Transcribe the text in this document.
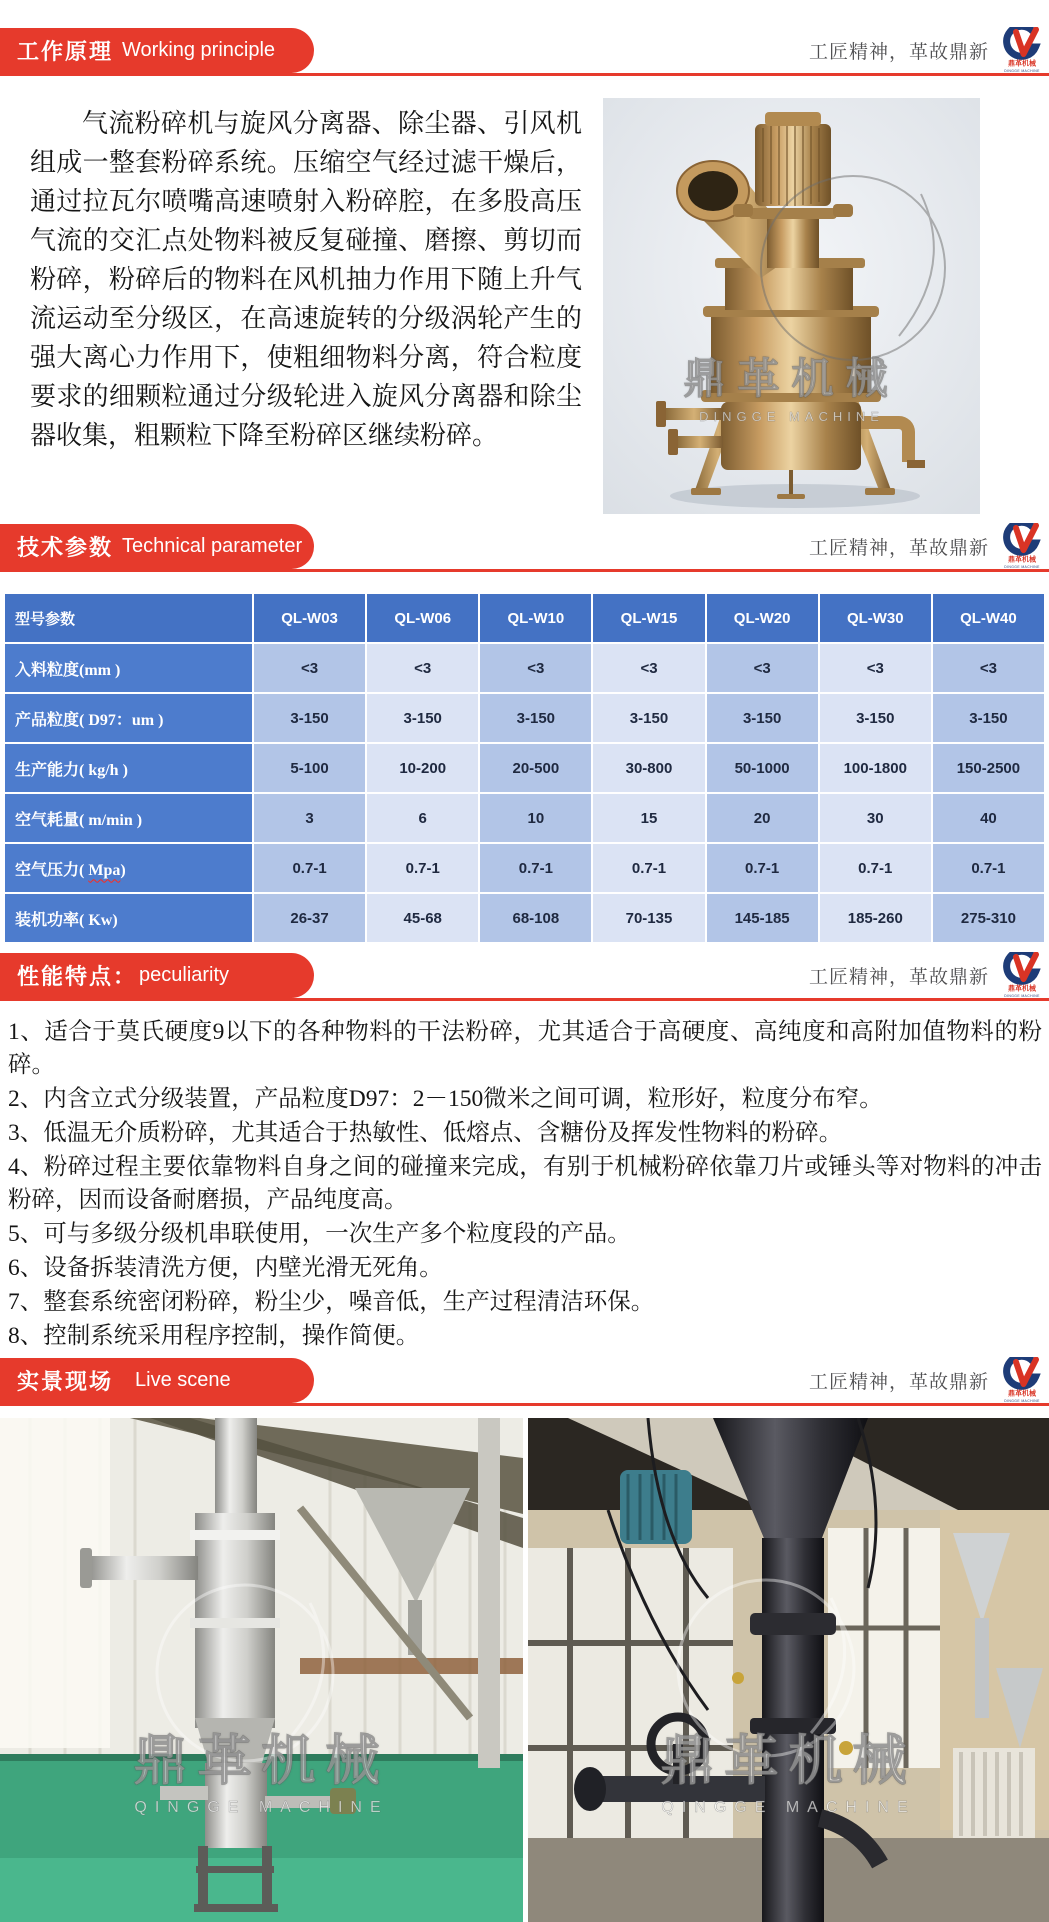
工作原理 Working principle	工匠精神，革故鼎新
鼎革机械
DINGGE MACHINE

气流粉碎机与旋风分离器、除尘器、引风机组成一整套粉碎系统。压缩空气经过滤干燥后，通过拉瓦尔喷嘴高速喷射入粉碎腔，在多股高压气流的交汇点处物料被反复碰撞、磨擦、剪切而粉碎，粉碎后的物料在风机抽力作用下随上升气流运动至分级区，在高速旋转的分级涡轮产生的强大离心力作用下，使粗细物料分离，符合粒度要求的细颗粒通过分级轮进入旋风分离器和除尘器收集，粗颗粒下降至粉碎区继续粉碎。

鼎革机械
DINGGE MACHINE
技术参数 Technical parameter	工匠精神，革故鼎新
鼎革机械
DINGGE MACHINE
型号参数	QL-W03	QL-W06	QL-W10	QL-W15	QL-W20	QL-W30	QL-W40
入料粒度(mm )	<3	<3	<3	<3	<3	<3	<3
产品粒度( D97：um )	3-150	3-150	3-150	3-150	3-150	3-150	3-150
生产能力( kg/h )	5-100	10-200	20-500	30-800	50-1000	100-1800	150-2500
空气耗量( m/min )	3	6	10	15	20	30	40
空气压力( Mpa)	0.7-1	0.7-1	0.7-1	0.7-1	0.7-1	0.7-1	0.7-1
装机功率( Kw)	26-37	45-68	68-108	70-135	145-185	185-260	275-310
性能特点： peculiarity	工匠精神，革故鼎新
鼎革机械
DINGGE MACHINE
1、适合于莫氏硬度9以下的各种物料的干法粉碎，尤其适合于高硬度、高纯度和高附加值物料的粉碎。
2、内含立式分级装置，产品粒度D97：2－150微米之间可调，粒形好，粒度分布窄。
3、低温无介质粉碎，尤其适合于热敏性、低熔点、含糖份及挥发性物料的粉碎。
4、粉碎过程主要依靠物料自身之间的碰撞来完成，有别于机械粉碎依靠刀片或锤头等对物料的冲击粉碎，因而设备耐磨损，产品纯度高。
5、可与多级分级机串联使用，一次生产多个粒度段的产品。
6、设备拆装清洗方便，内壁光滑无死角。
7、整套系统密闭粉碎，粉尘少，噪音低，生产过程清洁环保。
8、控制系统采用程序控制，操作简便。
实景现场 Live scene	工匠精神，革故鼎新
鼎革机械
DINGGE MACHINE
鼎革机械
QINGGE MACHINE
鼎革机械
QINGGE MACHINE
